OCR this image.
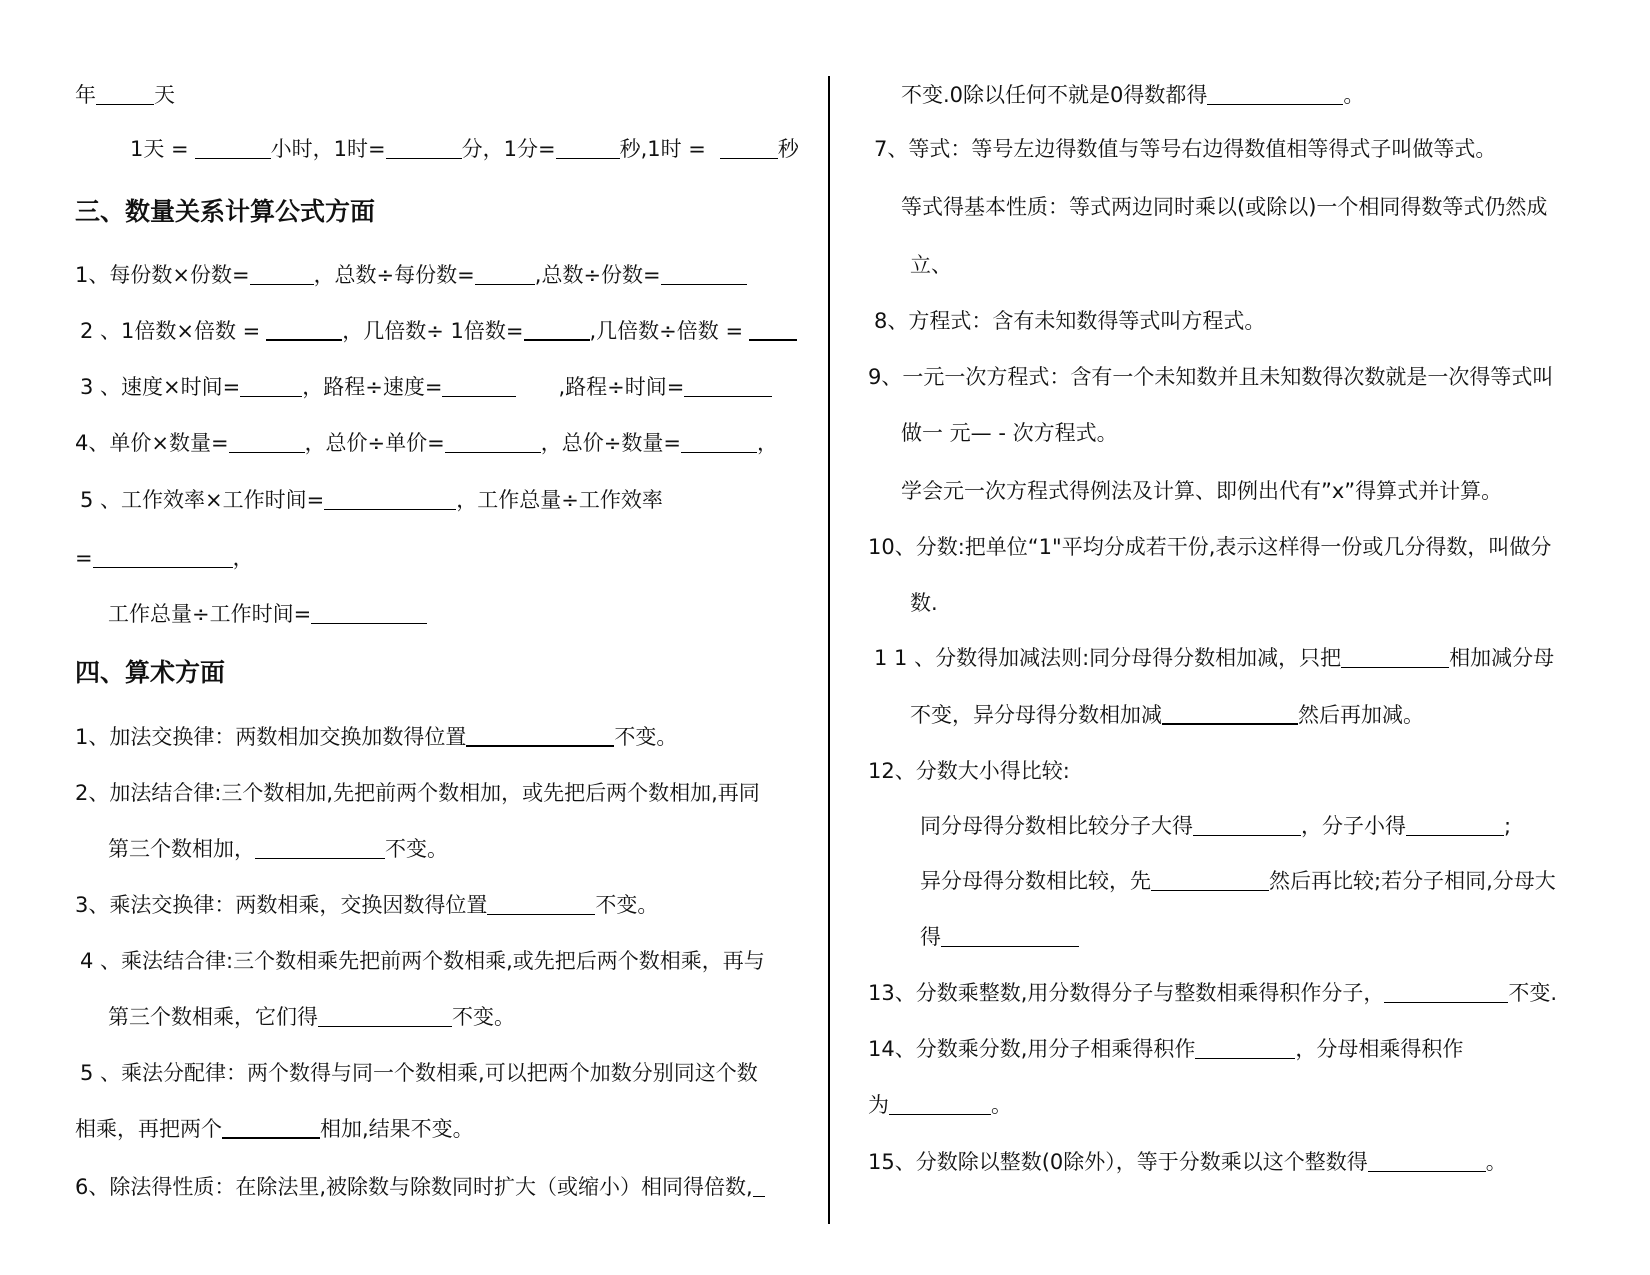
年	天
1天 =	小时，1时=	分，1分=	秒,1时 =	秒
三、数量关系计算公式方面
1、每份数×份数=	，总数÷每份数=	,总数÷份数=
2 、1倍数×倍数 =	，几倍数÷ 1倍数=	,几倍数÷倍数 =
3 、速度×时间=	，路程÷速度=	,路程÷时间=
4、单价×数量=	，总价÷单价=	，总价÷数量=	，
5 、工作效率×工作时间=	，工作总量÷工作效率
=	，
工作总量÷工作时间=
四、算术方面
1、加法交换律：两数相加交换加数得位置	不变。
2、加法结合律:三个数相加,先把前两个数相加，或先把后两个数相加,再同
第三个数相加，	不变。
3、乘法交换律：两数相乘，交换因数得位置	不变。
4 、乘法结合律:三个数相乘先把前两个数相乘,或先把后两个数相乘，再与
第三个数相乘，它们得	不变。
5 、乘法分配律：两个数得与同一个数相乘,可以把两个加数分别同这个数
相乘，再把两个	相加,结果不变。
6、除法得性质：在除法里,被除数与除数同时扩大（或缩小）相同得倍数,
不变.0除以任何不就是0得数都得	。
7、等式：等号左边得数值与等号右边得数值相等得式子叫做等式。
等式得基本性质：等式两边同时乘以(或除以)一个相同得数等式仍然成
立、
8、方程式：含有未知数得等式叫方程式。
9、一元一次方程式：含有一个未知数并且未知数得次数就是一次得等式叫
做一 元— - 次方程式。
学会元一次方程式得例法及计算、即例出代有”x”得算式并计算。
10、分数:把单位“1"平均分成若干份,表示这样得一份或几分得数，叫做分
数.
1 1 、分数得加减法则:同分母得分数相加减，只把	相加减分母
不变，异分母得分数相加减	然后再加减。
12、分数大小得比较:
同分母得分数相比较分子大得	，分子小得	;
异分母得分数相比较，先	然后再比较;若分子相同,分母大
得
13、分数乘整数,用分数得分子与整数相乘得积作分子，	不变.
14、分数乘分数,用分子相乘得积作	，分母相乘得积作
为	。
15、分数除以整数(0除外），等于分数乘以这个整数得	。
